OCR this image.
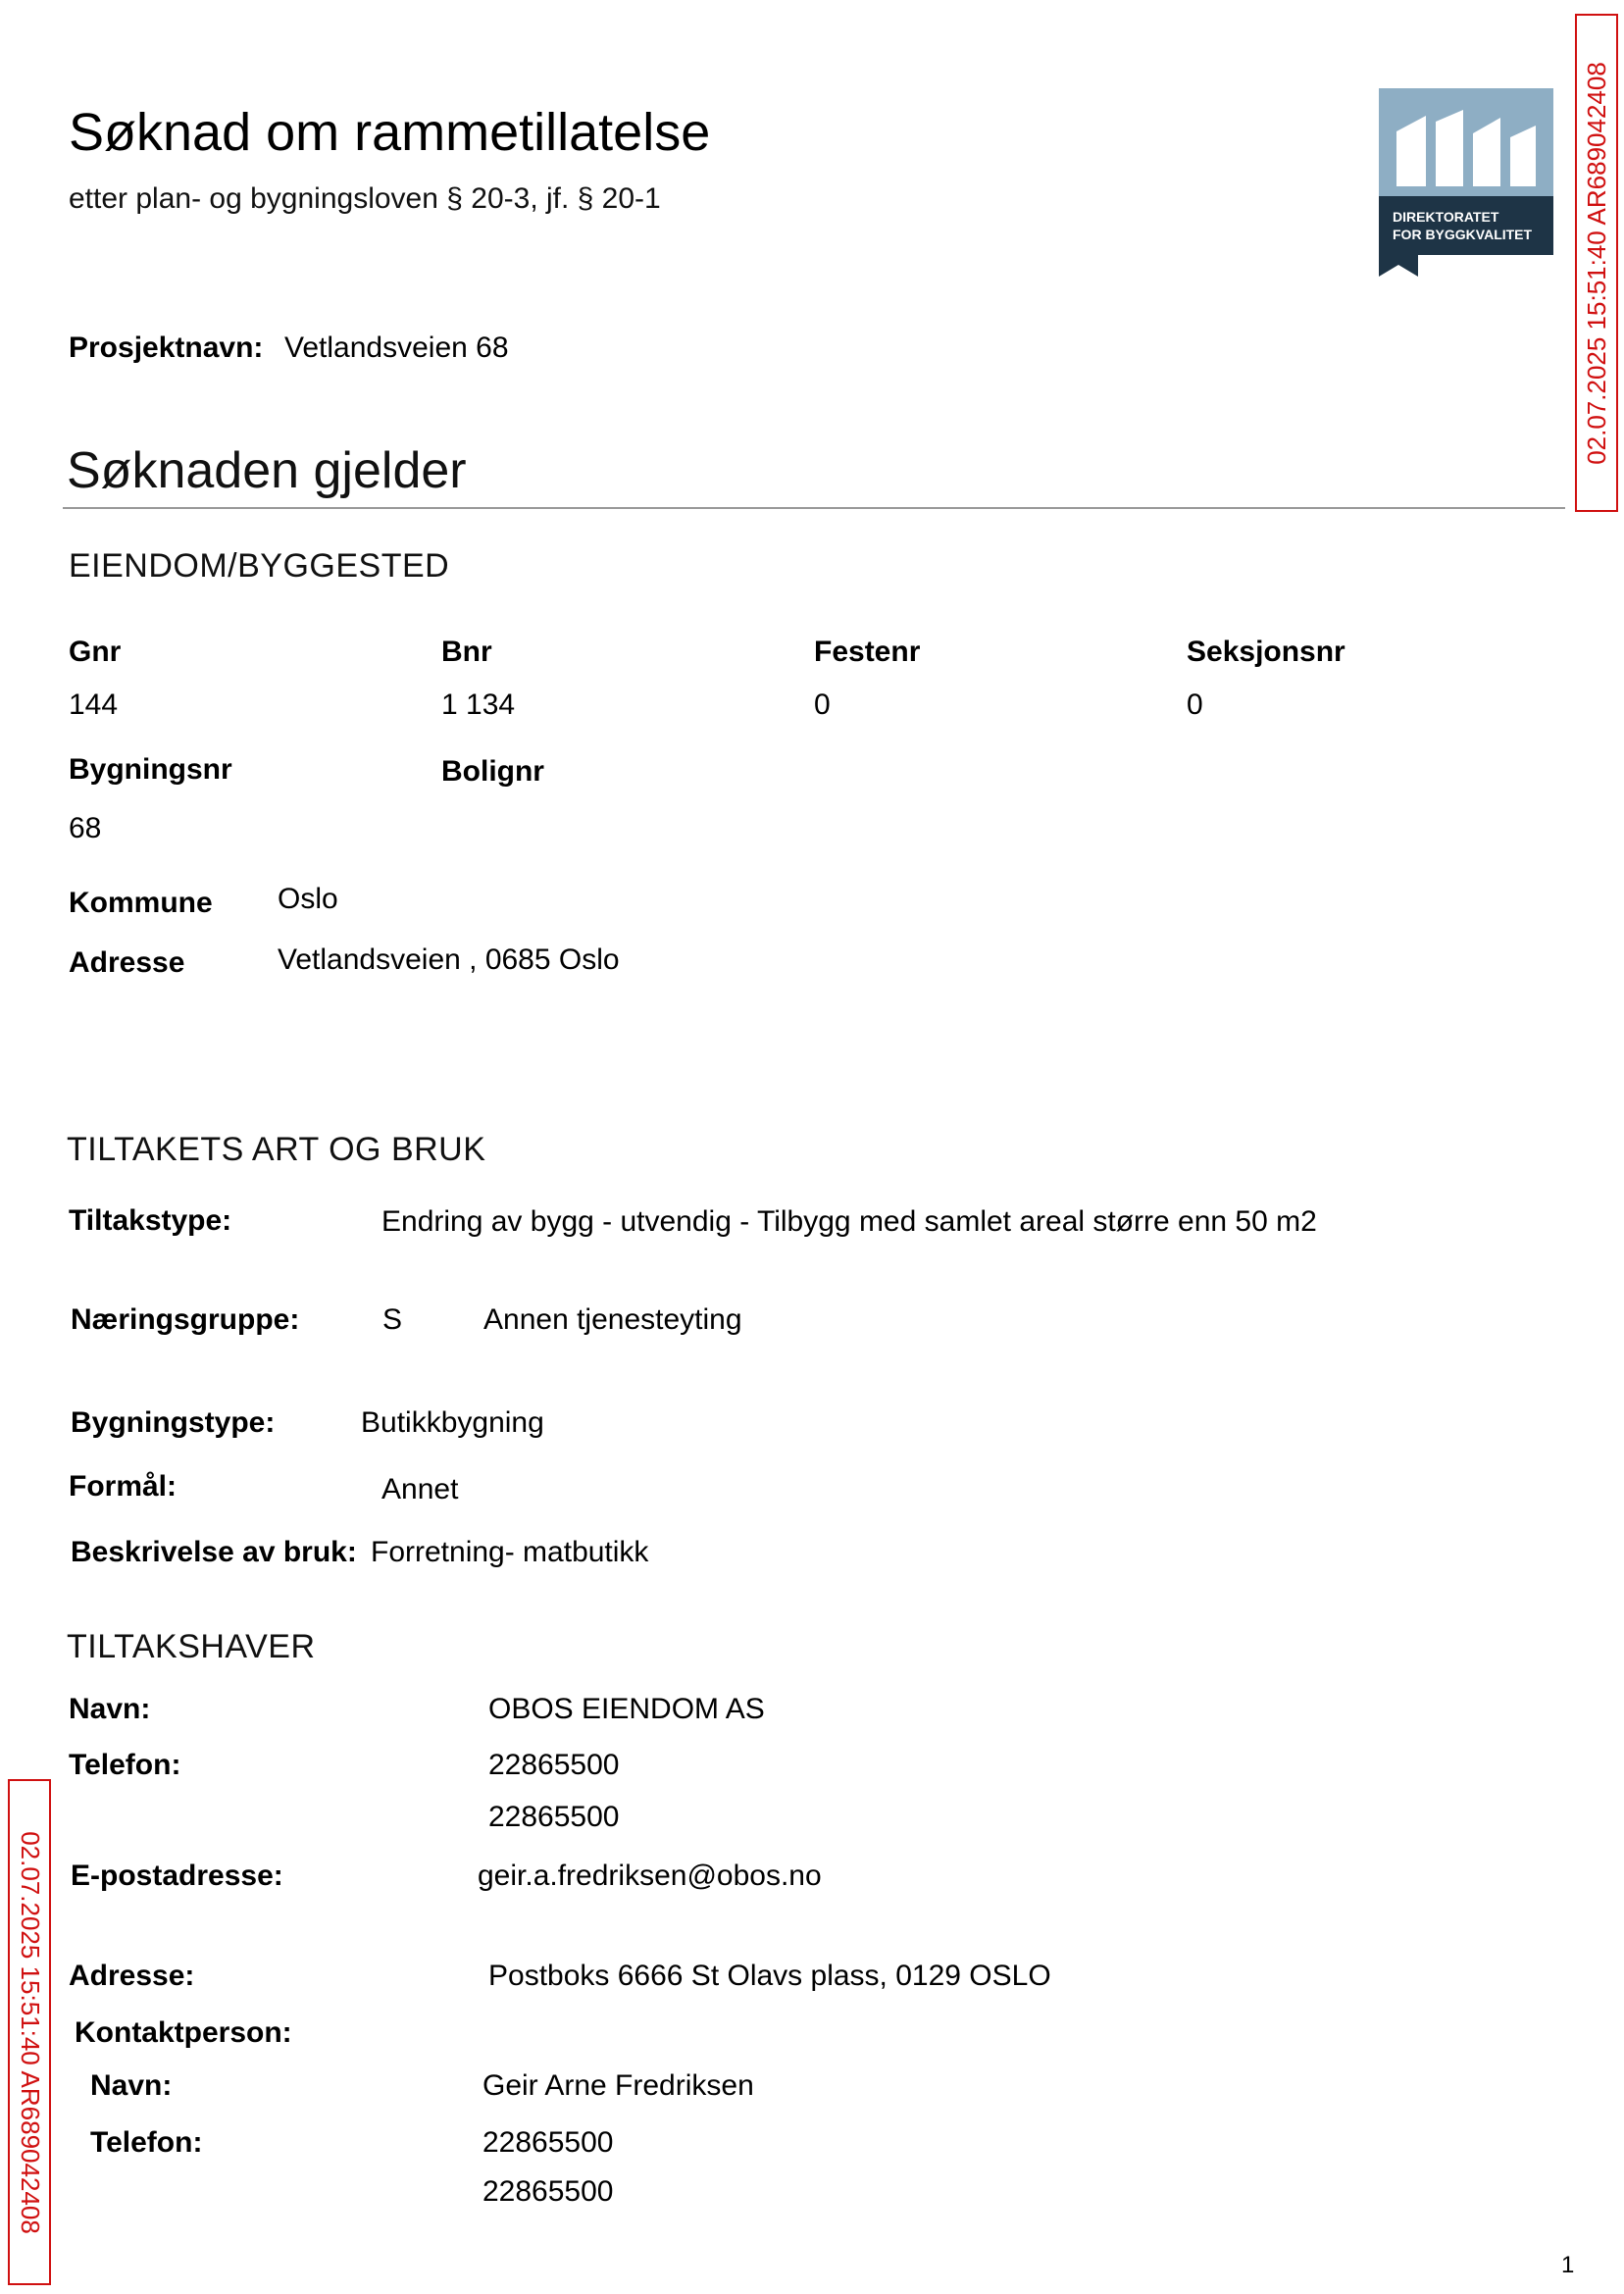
Søknad om rammetillatelse
etter plan- og bygningsloven § 20-3, jf. § 20-1
DIREKTORATET
FOR BYGGKVALITET 02.07.2025 15:51:40 AR689042408
02.07.2025 15:51:40 AR689042408
Prosjektnavn: Vetlandsveien 68
Søknaden gjelder
EIENDOM/BYGGESTED
Gnr	Bnr	Festenr	Seksjonsnr
144	1 134	0	0
Bygningsnr	Bolignr
68
Kommune Oslo
Adresse	Vetlandsveien , 0685 Oslo
TILTAKETS ART OG BRUK
Tiltakstype:	Endring av bygg - utvendig - Tilbygg med samlet areal større enn 50 m2
Næringsgruppe:	S	Annen tjenesteyting
Bygningstype:	Butikkbygning
Formål:	Annet
Beskrivelse av bruk: Forretning- matbutikk
TILTAKSHAVER
Navn:	OBOS EIENDOM AS
Telefon:	22865500
22865500
E-postadresse:	geir.a.fredriksen@obos.no
Adresse:	Postboks 6666 St Olavs plass, 0129 OSLO
Kontaktperson:
Navn:	Geir Arne Fredriksen
Telefon:	22865500
22865500
1
